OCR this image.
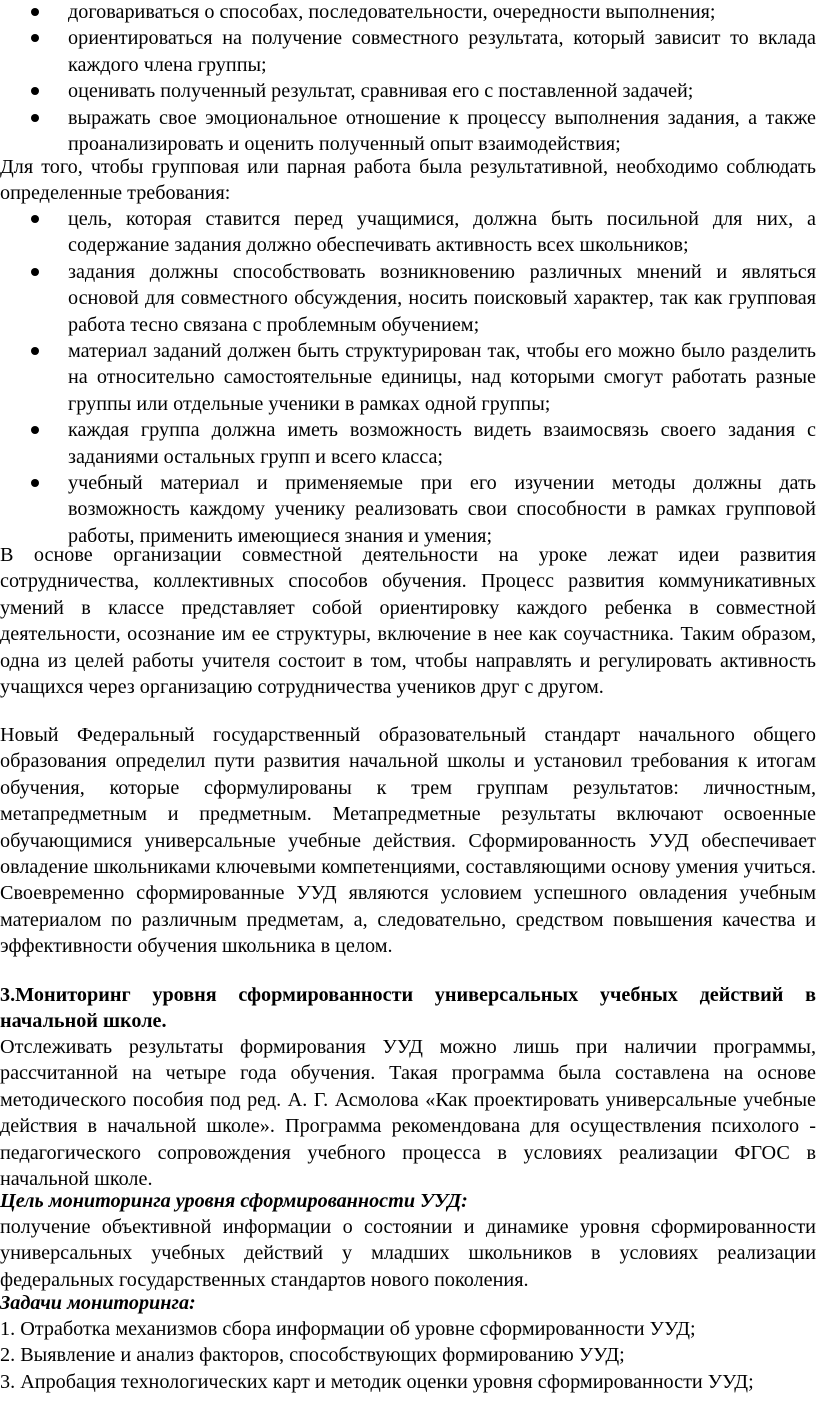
договариваться о способах, последовательности, очередности выполнения;
ориентироваться на получение совместного результата, который зависит то вклада каждого члена группы;
оценивать полученный результат, сравнивая его с поставленной задачей;
выражать свое эмоциональное отношение к процессу выполнения задания, а также проанализировать и оценить полученный опыт взаимодействия;

Для того, чтобы групповая или парная работа была результативной, необходимо соблюдать определенные требования:

цель, которая ставится перед учащимися, должна быть посильной для них, а содержание задания должно обеспечивать активность всех школьников;
задания должны способствовать возникновению различных мнений и являться основой для совместного обсуждения, носить поисковый характер, так как групповая работа тесно связана с проблемным обучением;
материал заданий должен быть структурирован так, чтобы его можно было разделить на относительно самостоятельные единицы, над которыми смогут работать разные группы или отдельные ученики в рамках одной группы;
каждая группа должна иметь возможность видеть взаимосвязь своего задания с заданиями остальных групп и всего класса;
учебный материал и применяемые при его изучении методы должны дать возможность каждому ученику реализовать свои способности в рамках групповой работы, применить имеющиеся знания и умения;

В основе организации совместной деятельности на уроке лежат идеи развития сотрудничества, коллективных способов обучения. Процесс развития коммуникативных умений в классе представляет собой ориентировку каждого ребенка в совместной деятельности, осознание им ее структуры, включение в нее как соучастника. Таким образом, одна из целей работы учителя состоит в том, чтобы направлять и регулировать активность учащихся через организацию сотрудничества учеников друг с другом.

Новый Федеральный государственный образовательный стандарт начального общего образования определил пути развития начальной школы и установил требования к итогам обучения, которые сформулированы к трем группам результатов: личностным, метапредметным и предметным. Метапредметные результаты включают освоенные обучающимися универсальные учебные действия. Сформированность УУД обеспечивает овладение школьниками ключевыми компетенциями, составляющими основу умения учиться. Своевременно сформированные УУД являются условием успешного овладения учебным материалом по различным предметам, а, следовательно, средством повышения качества и эффективности обучения школьника в целом.

3.Мониторинг уровня сформированности универсальных учебных действий в начальной школе.

Отслеживать результаты формирования УУД можно лишь при наличии программы, рассчитанной на четыре года обучения. Такая программа была составлена на основе методического пособия под ред. А. Г. Асмолова «Как проектировать универсальные учебные действия в начальной школе». Программа рекомендована для осуществления психолого - педагогического сопровождения учебного процесса в условиях реализации ФГОС в начальной школе.

Цель мониторинга уровня сформированности УУД:

получение объективной информации о состоянии и динамике уровня сформированности универсальных учебных действий у младших школьников в условиях реализации федеральных государственных стандартов нового поколения.

Задачи мониторинга:

1. Отработка механизмов сбора информации об уровне сформированности УУД;

2. Выявление и анализ факторов, способствующих формированию УУД;

3. Апробация технологических карт и методик оценки уровня сформированности УУД;
